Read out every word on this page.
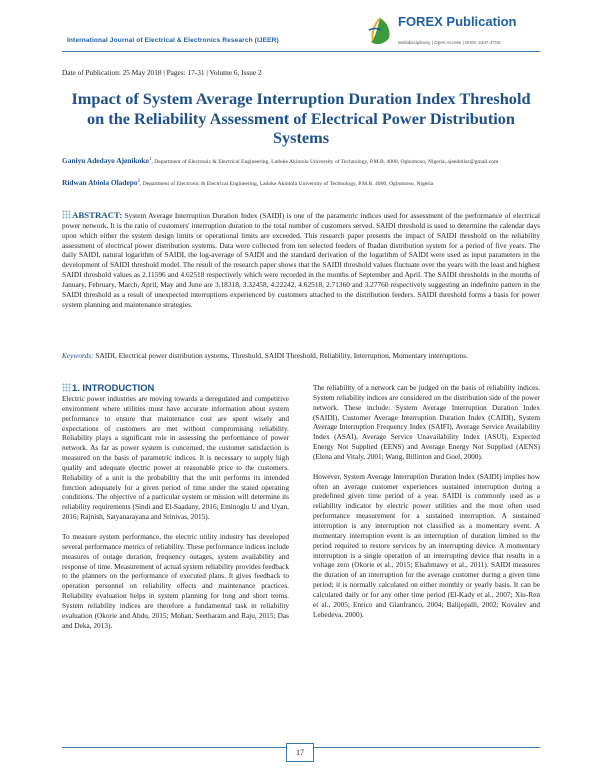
International Journal of Electrical & Electronics Research (IJEER)
FOREX Publication
Multidisciplinary | Open Access | ISSN: 2347-470X
Date of Publication: 25 May 2018 | Pages: 17-31 | Volume 6, Issue 2
Impact of System Average Interruption Duration Index Threshold on the Reliability Assessment of Electrical Power Distribution Systems
Ganiyu Adedayo Ajenikoko$^1$, Department of Electronic & Electrical Engineering, Ladoke Akintola University of Technology, P.M.B. 4000, Ogbomoso, Nigeria, ajeedollar@gmail.com
Ridwan Abiola Oladepo$^2$, Department of Electronic & Electrical Engineering, Ladoke Akintola University of Technology, P.M.B. 4000, Ogbomoso, Nigeria
ABSTRACT: System Average Interruption Duration Index (SAIDI) is one of the parametric indices used for assessment of the performance of electrical power network. It is the ratio of customers' interruption duration to the total number of customers served. SAIDI threshold is used to determine the calendar days upon which either the system design limits or operational limits are exceeded. This research paper presents the impact of SAIDI threshold on the reliability assessment of electrical power distribution systems. Data were collected from ten selected feeders of Ibadan distribution system for a period of five years. The daily SAIDI, natural logarithm of SAIDI, the log-average of SAIDI and the standard derivation of the logarithm of SAIDI were used as input parameters in the development of SAIDI threshold model. The result of the research paper shows that the SAIDI threshold values fluctuate over the years with the least and highest SAIDI threshold values as 2.11596 and 4.62518 respectively which were recorded in the months of September and April. The SAIDI thresholds in the months of January, February, March, April, May and June are 3.18318, 3.32458, 4.22242, 4.62518, 2.71360 and 3.27760 respectively suggesting an indefinite pattern in the SAIDI threshold as a result of unexpected interruptions experienced by customers attached to the distribution feeders. SAIDI threshold forms a basis for power system planning and maintenance strategies.
Keywords: SAIDI, Electrical power distribution systems, Threshold, SAIDI Threshold, Reliability, Interruption, Momentary interruptions.
1. INTRODUCTION

Electric power industries are moving towards a deregulated and competitive environment where utilities must have accurate information about system performance to ensure that maintenance cost are spent wisely and expectations of customers are met without compromising reliability. Reliability plays a significant role in assessing the performance of power network. As far as power system is concerned, the customer satisfaction is measured on the basis of parametric indices. It is necessary to supply high quality and adequate electric power at reasonable price to the customers. Reliability of a unit is the probability that the unit performs its intended function adequately for a given period of time under the stated operating conditions. The objective of a particular system or mission will determine its reliability requirements (Sindi and El-Saadany, 2016; Eminoglu U and Uyan, 2016; Rajnish, Satyanarayana and Srinivas, 2015).

To measure system performance, the electric utility industry has developed several performance metrics of reliability. These performance indices include measures of outage duration, frequency outages, system availability and response of time. Measurement of actual system reliability provides feedback to the planners on the performance of executed plans. It gives feedback to operation personnel on reliability effects and maintenance practices. Reliability evaluation helps in system planning for long and short terms. System reliability indices are therefore a fundamental task in reliability evaluation (Okorie and Abdu, 2015; Mohan, Seetharam and Raju, 2015; Das and Deka, 2013).

The reliability of a network can be judged on the basis of reliability indices. System reliability indices are considered on the distribution side of the power network. These include: System Average Interruption Duration Index (SAIDI), Customer Average Interruption Duration Index (CAIDI), System Average Interruption Frequency Index (SAIFI), Average Service Availability Index (ASAI), Average Service Unavailability Index (ASUI), Expected Energy Not Supplied (EENS) and Average Energy Not Supplied (AENS) (Elena and Vitaly, 2001; Wang, Billinton and Goel, 2000).

However, System Average Interruption Duration Index (SAIDI) implies how often an average customer experiences sustained interruption during a predefined given time period of a year. SAIDI is commonly used as a reliability indicator by electric power utilities and the most often used performance measurement for a sustained interruption. A sustained interruption is any interruption not classified as a momentary event. A momentary interruption event is an interruption of duration limited to the period required to restore services by an interrupting device. A momentary interruption is a single operation of an interrupting device that results in a voltage zero (Okorie et al., 2015; Elsahmawy et al., 2011). SAIDI measures the duration of an interruption for the average customer during a given time period; it is normally calculated on either monthly or yearly basis. It can be calculated daily or for any other time period (El-Kady et al., 2007; Xiu-Ren et al., 2005; Enrico and Gianfranco, 2004; Balijepalli, 2002; Kovalev and Lebedeva, 2000).

17
